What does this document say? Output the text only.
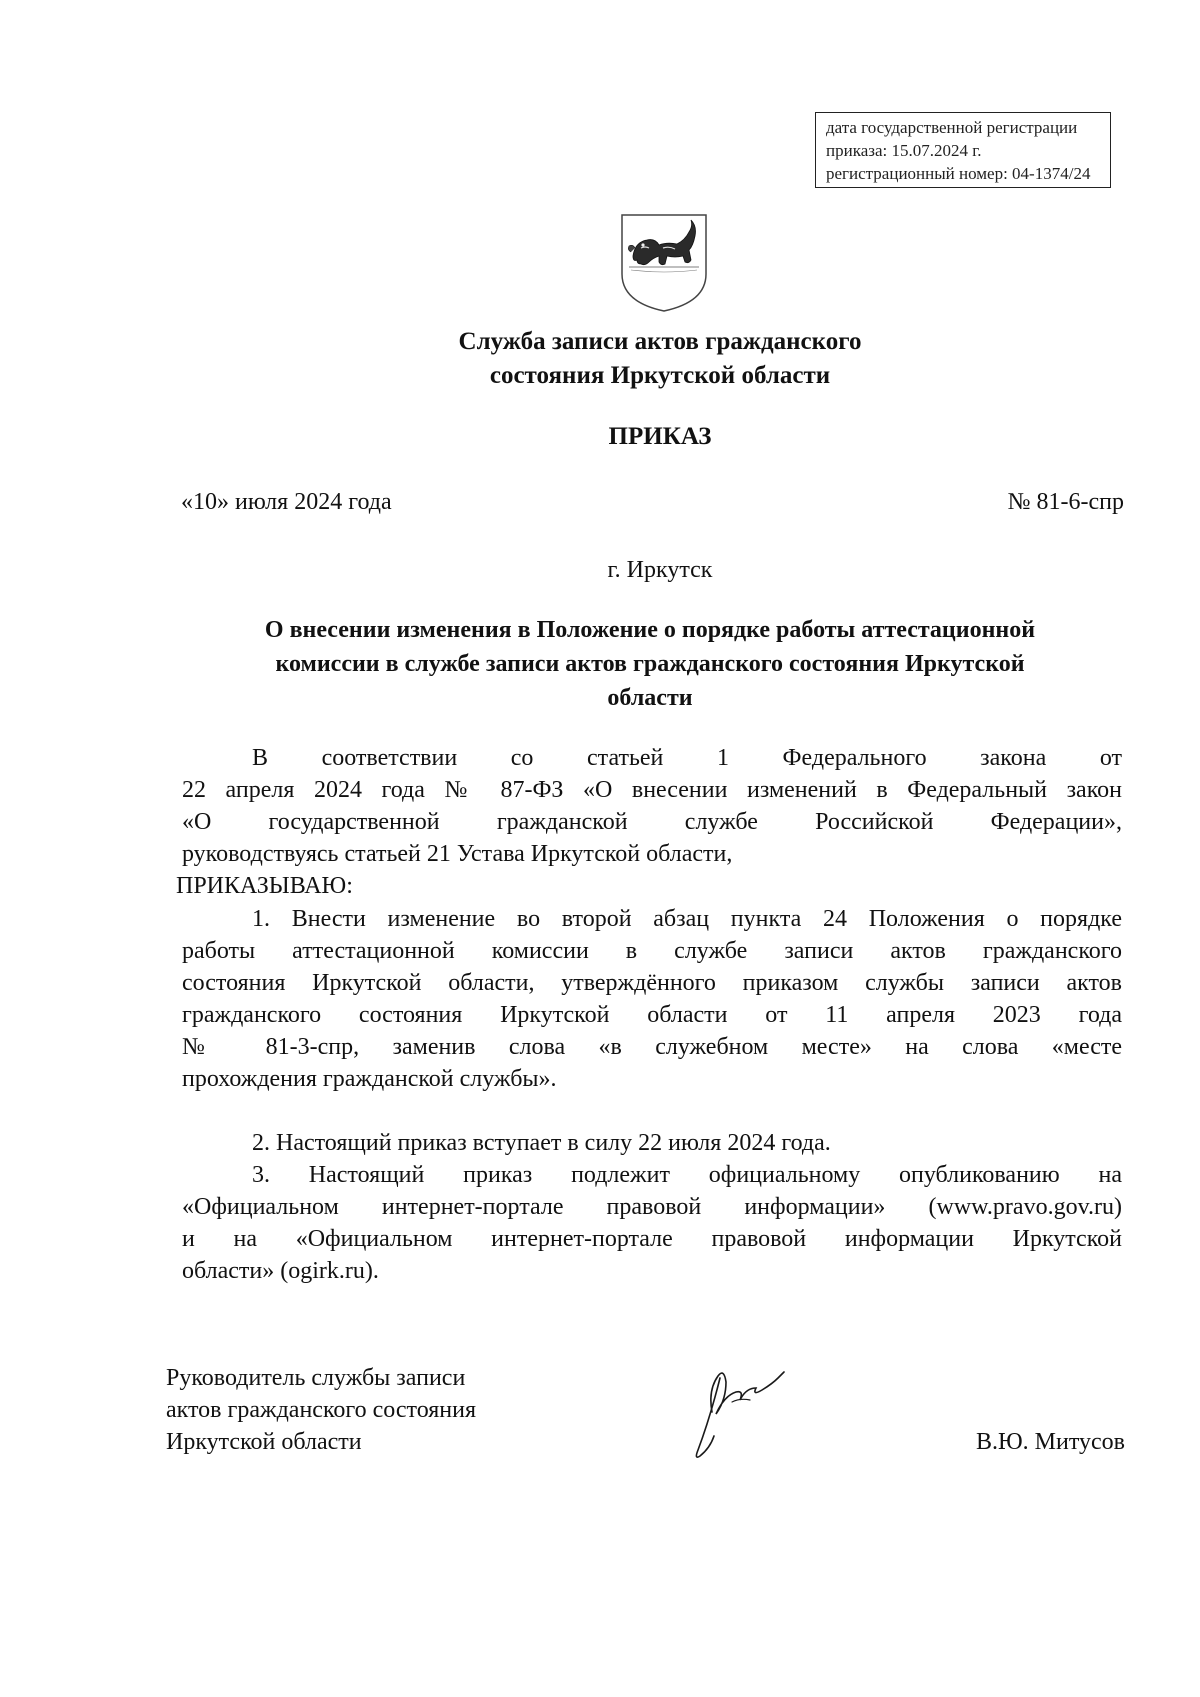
дата государственной регистрации
приказа: 15.07.2024 г.
регистрационный номер: 04-1374/24
Служба записи актов гражданского
состояния Иркутской области
ПРИКАЗ
«10» июля 2024 года	№ 81-6-спр
г. Иркутск
О внесении изменения в Положение о порядке работы аттестационной
комиссии в службе записи актов гражданского состояния Иркутской
области
В соответствии со статьей 1 Федерального закона от
22 апреля 2024 года № 87-ФЗ «О внесении изменений в Федеральный закон
«О государственной гражданской службе Российской Федерации»,
руководствуясь статьей 21 Устава Иркутской области,
ПРИКАЗЫВАЮ:
1. Внести изменение во второй абзац пункта 24 Положения о порядке
работы аттестационной комиссии в службе записи актов гражданского
состояния Иркутской области, утверждённого приказом службы записи актов
гражданского состояния Иркутской области от 11 апреля 2023 года
№ 81-3-спр, заменив слова «в служебном месте» на слова «месте
прохождения гражданской службы».
2. Настоящий приказ вступает в силу 22 июля 2024 года.
3. Настоящий приказ подлежит официальному опубликованию на
«Официальном интернет-портале правовой информации» (www.pravo.gov.ru)
и на «Официальном интернет-портале правовой информации Иркутской
области» (ogirk.ru).
Руководитель службы записи
актов гражданского состояния
Иркутской области	В.Ю. Митусов
